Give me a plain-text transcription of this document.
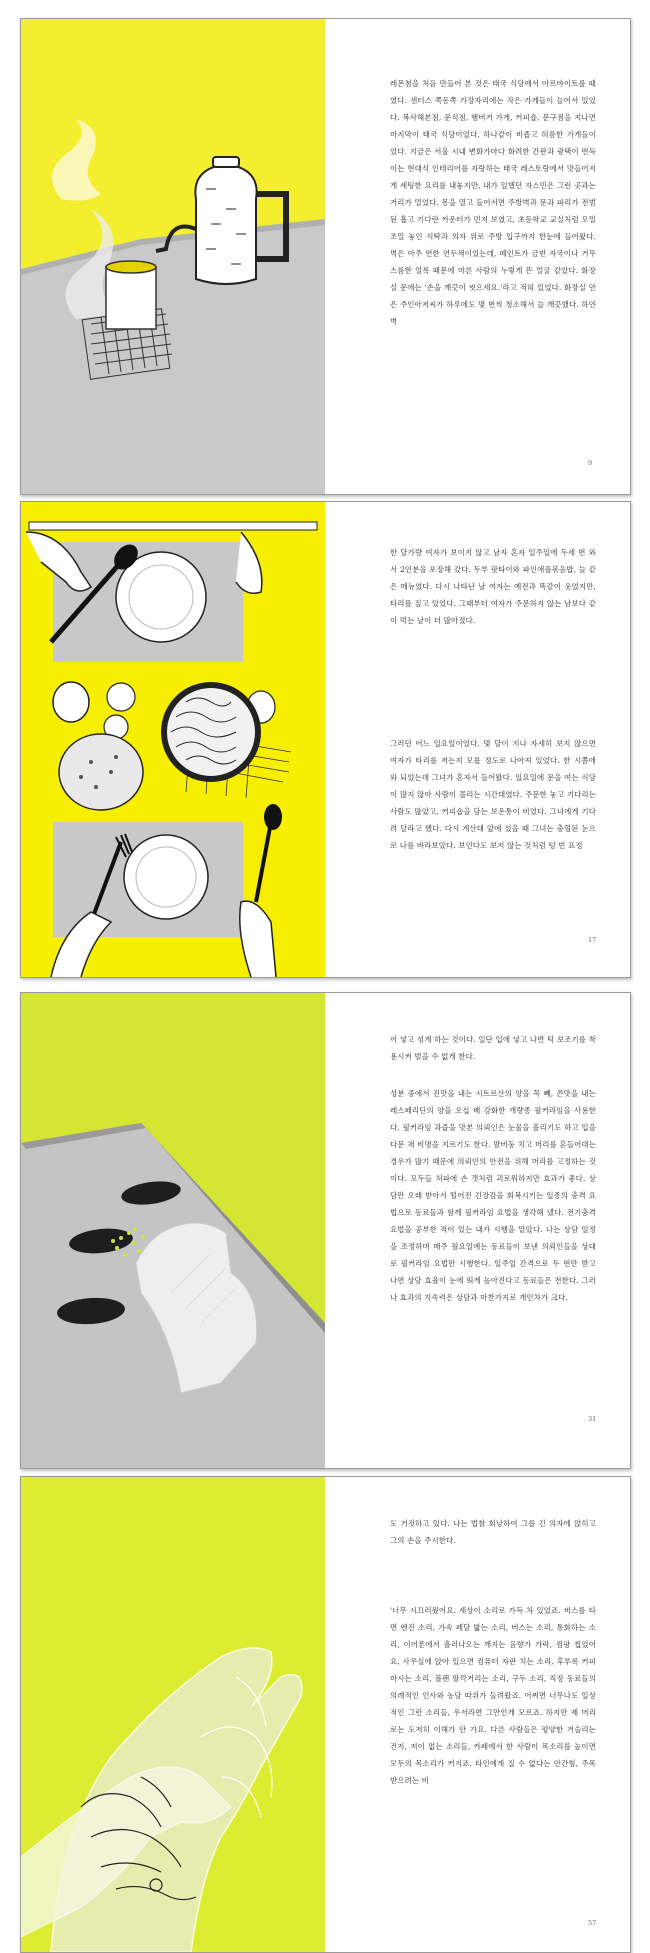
레몬첨을 처음 만들어 본 것은 태국 식당에서 아르바이트를 때였다. 센터스 쪽동쪽 가장자리에는 작은 가게들이 늘어서 있었다. 복사해본점, 문식점, 햄버거 가게, 커피숍, 문구점을 지나면 마지막이 태국 식당이었다. 하나같이 비좁고 허름한 가게들이었다. 지금은 서울 시내 변화가마다 화려한 간판과 광택이 번득이는 현대식 인테리어를 자랑하는 태국 레스토랑에서 맛들어지게 세팅한 요리를 내놓지만, 내가 일했던 자스민은 그런 곳과는 거리가 멀었다. 몽을 열고 들어서면 주방벽과 문과 파리가 전범된 흡고 기다란 카운터가 먼저 보였고, 초등학교 교실처럼 오밀조밀 놓인 식탁과 의자 위로 주방 입구까지 한눈에 들어왔다. 벽은 아주 연한 연두색이었는데, 페인트가 금빈 자국이나 거무스름한 얼룩 때문에 마른 사람의 누렇게 뜬 얼굴 같았다. 화장실 문에는 '손을 깨끗이 씻으세요.'라고 적혀 있었다. 화장실 안은 주인아저씨가 하루에도 몇 번씩 청소해서 늘 깨끗했다. 하얀 벽

9

한 달가량 여자가 보이지 않고 남자 혼자 일주일에 두세 번 와서 2인분을 포장해 갔다. 두부 팟타이와 파인애플볶음밥, 늘 같은 메뉴였다. 다시 나타난 날 여자는 예전과 똑같이 웃었지만, 타리를 짚고 있었다. 그때부터 여자가 주문하지 않는 남보다 같이 먹는 날이 더 많아졌다.

그러던 어느 일요일이었다. 몇 달이 지나 자세히 보지 않으면 여자가 타리를 저는지 모를 정도로 나아져 있었다. 한 시쯤에 와 되었는데 그녀가 혼자서 들어왔다. 일요일에 문을 여는 식당이 많지 않아 사람이 몰리는 시간대였다. 주문한 놓고 기다리는 사람도 많았고, 커피숍을 담는 보온통이 비었다. 그녀에게 기다려 달라고 했다. 다시 계산대 앞에 섰을 때 그녀는 충혈된 눈으로 나를 바라보았다. 보인다도 보지 않는 것처럼 텅 빈 표정

17

어 넣고 섞게 하는 것이다. 일단 입에 넣고 나면 턱 보조기를 착용시켜 벌을 수 없게 한다.

성분 중에서 진맛을 내는 시트르산의 양을 꼭 빼, 쓴맛을 내는 레스페리딘의 양을 오십 배 강화한 개량종 필커라임을 사용한다. 필커라임 과즙을 맛본 의뢰인은 눈물을 흘리기도 하고 입을 다문 채 비명을 지르기도 한다. 발버둥 치고 머리를 흔들어대는 경우가 많기 때문에 의뢰인의 안전을 위해 머리를 고정하는 것이다. 모두들 처파에 손 갯처럼 괴로워하지만 효과가 좋다. 상담만 오래 받아서 떨어진 긴장감을 회복시키는 일종의 충격 요법으로 동료들과 함께 필커라임 요법을 생각해 냈다. 전기충격 요법을 공부한 적이 있는 내가 시행을 맡았다. 나는 상담 일정을 조정하며 매주 월요일에는 동료들이 보낸 의뢰인들을 상대로 필커라임 요법만 시행한다. 일주일 간격으로 두 번만 받고 나면 상담 효율이 눈에 띄게 높아진다고 동료들은 전한다. 그러나 효과의 지속력은 상담과 마찬가지로 개인차가 크다.

31

도 거짓하고 있다. 나는 법참 회낭하여 그를 긴 의자에 앉히고 그의 손을 주시한다.

'너무 시끄러웠어요. 세상이 소리로 가득 차 있었죠. 버스를 타면 엔진 소리, 가속 페달 밟는 소리, 버스는 소리, 통화하는 소리, 이어폰에서 흘러나오는 깨지는 음향가 가락, 껌팡 씹었어요, 사무실에 앉아 있으면 컴퓨터 자판 치는 소리, 후루룩 커피 마시는 소리, 볼펜 딸깍거리는 소리, 구두 소리, 직장 동료들의 의례적인 인사와 농담 따위가 들려왔죠. 어쩌면 너무나도 일상적인 그런 소리들, 우서라면 그만인게 모르죠. 하지만 제 머리로는 도저히 이해가 안 가요. 다른 사람들은 평양한 거슬리는 건지, 저이 없는 소리들, 카페에서 한 사람이 목소리를 높이면 모두의 목소리가 커지죠. 타인에게 질 수 없다는 안간힘, 주목받으려는 비

57
